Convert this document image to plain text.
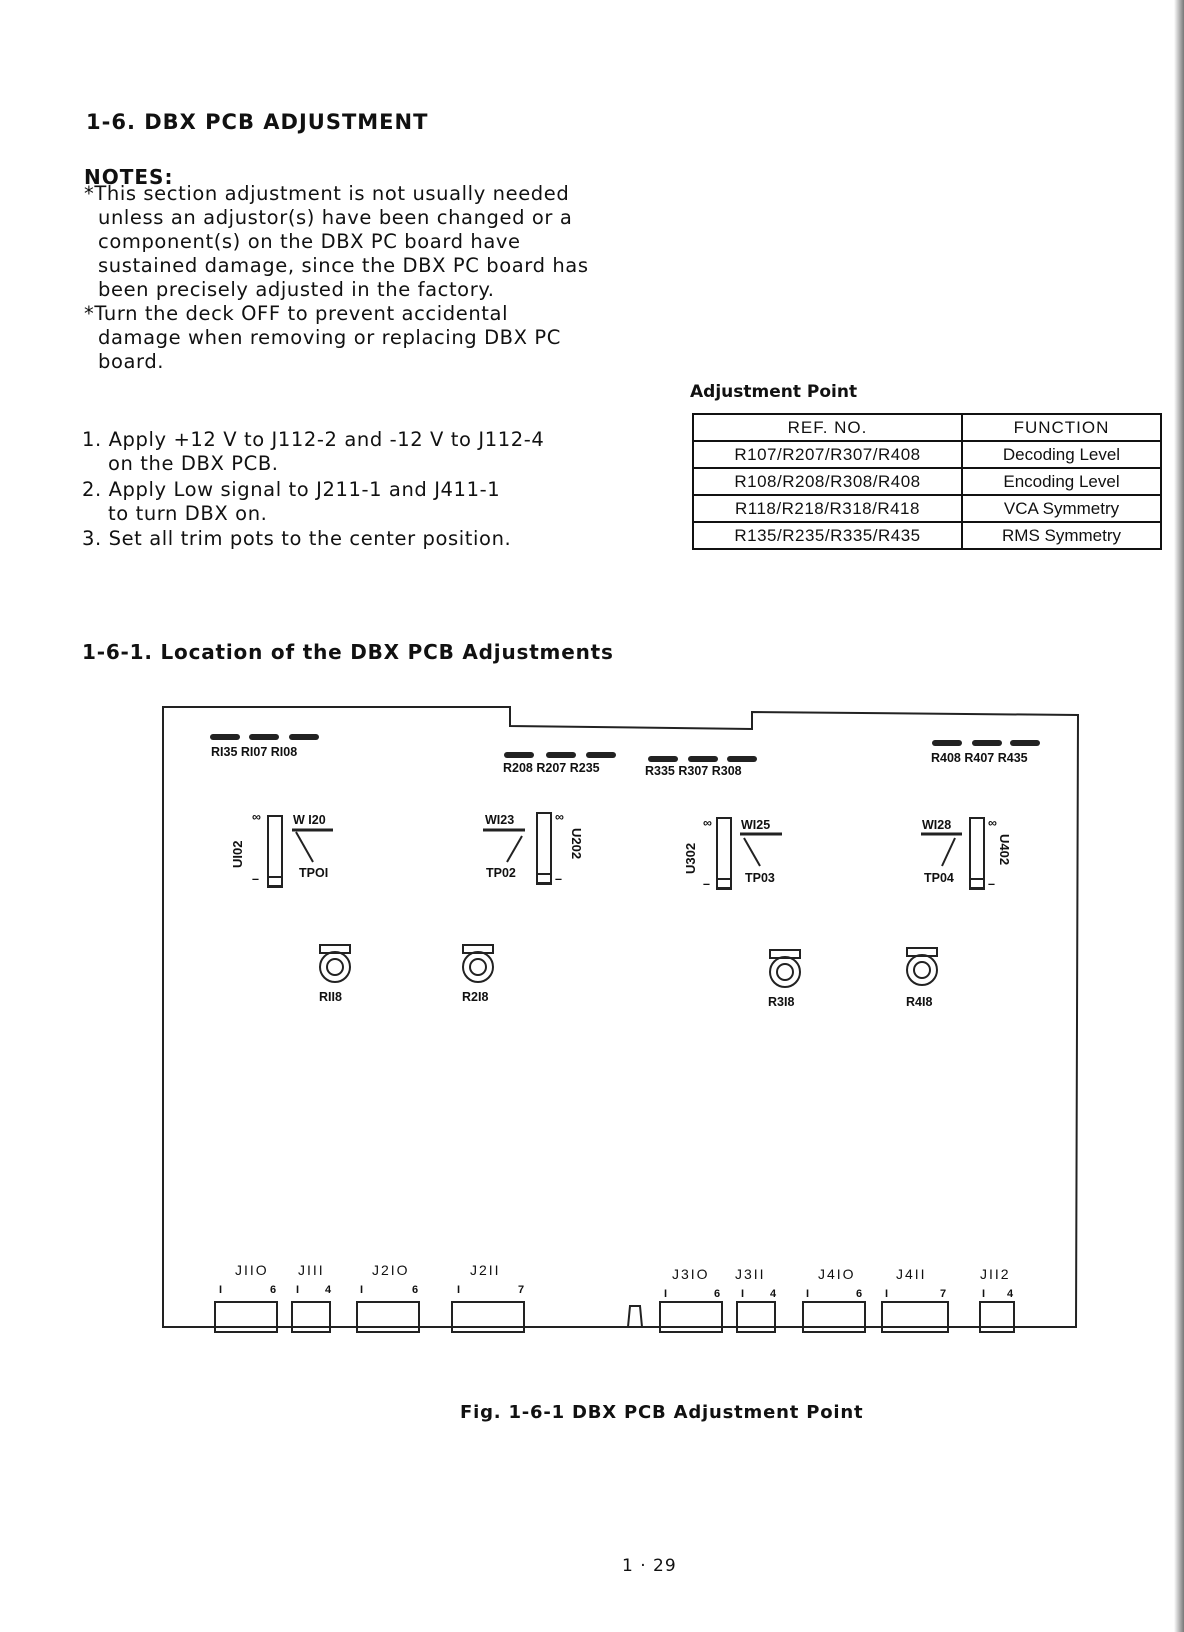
1-6. DBX PCB ADJUSTMENT
NOTES:
*This section adjustment is not usually needed
unless an adjustor(s) have been changed or a
component(s) on the DBX PC board have
sustained damage, since the DBX PC board has
been precisely adjusted in the factory.
*Turn the deck OFF to prevent accidental
damage when removing or replacing DBX PC
board.
1. Apply +12 V to J112-2 and -12 V to J112-4
on the DBX PCB.
2. Apply Low signal to J211-1 and J411-1
to turn DBX on.
3. Set all trim pots to the center position.
Adjustment Point
REF. NO.	FUNCTION
R107/R207/R307/R408	Decoding Level
R108/R208/R308/R408	Encoding Level
R118/R218/R318/R418	VCA Symmetry
R135/R235/R335/R435	RMS Symmetry
1-6-1. Location of the DBX PCB Adjustments
RI35 RI07 RI08
R208 R207 R235	R335 R307 R308
R408 R407 R435
W I20	WI23	WI25	WI28
∞	∞	∞	∞
–	–	–	–
UI02	U202	U302	U402
TPOI	TP02	TP03	TP04
RII8	R2I8	R3I8	R4I8
JIIO JIII	J2IO	J2II	J3IO J3II	J4IO	J4II	JII2
I	6 I 4	I	6	I	7	I	6 I 4	I	6 I	7	I 4
Fig. 1-6-1 DBX PCB Adjustment Point
1 · 29
